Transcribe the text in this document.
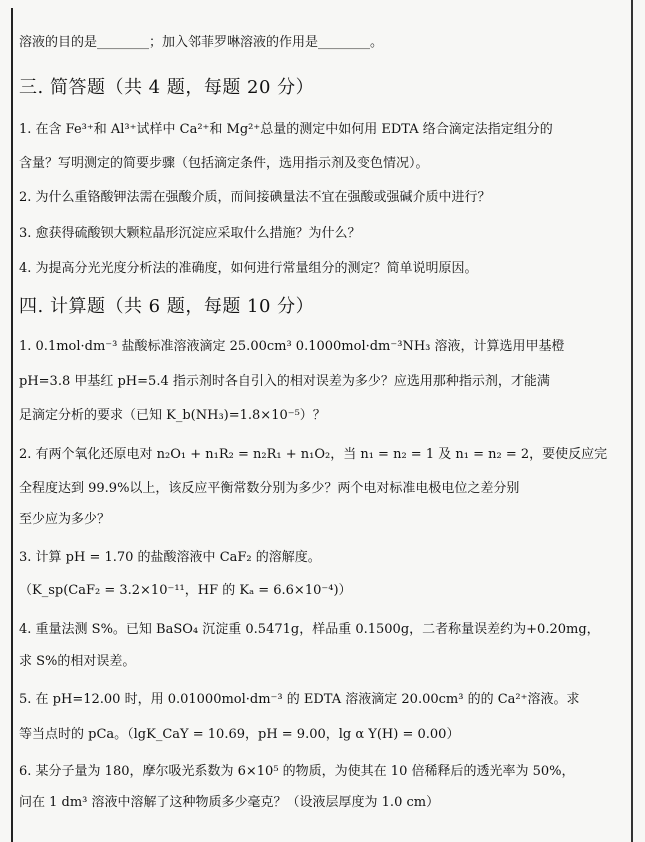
溶液的目的是________；加入邻菲罗啉溶液的作用是________。
三. 简答题（共 4 题，每题 20 分）
1. 在含 Fe³⁺和 Al³⁺试样中 Ca²⁺和 Mg²⁺总量的测定中如何用 EDTA 络合滴定法指定组分的
含量？写明测定的简要步骤（包括滴定条件，选用指示剂及变色情况）。
2. 为什么重铬酸钾法需在强酸介质，而间接碘量法不宜在强酸或强碱介质中进行？
3. 愈获得硫酸钡大颗粒晶形沉淀应采取什么措施？为什么？
4. 为提高分光光度分析法的准确度，如何进行常量组分的测定？简单说明原因。
四. 计算题（共 6 题，每题 10 分）
1. 0.1mol·dm⁻³ 盐酸标准溶液滴定 25.00cm³ 0.1000mol·dm⁻³NH₃ 溶液，计算选用甲基橙
pH=3.8 甲基红 pH=5.4 指示剂时各自引入的相对误差为多少？应选用那种指示剂，才能满
足滴定分析的要求（已知 K_b(NH₃)=1.8×10⁻⁵）？
2. 有两个氧化还原电对 n₂O₁ + n₁R₂ = n₂R₁ + n₁O₂，当 n₁ = n₂ = 1 及 n₁ = n₂ = 2，要使反应完
全程度达到 99.9%以上，该反应平衡常数分别为多少？两个电对标准电极电位之差分别
至少应为多少？
3. 计算 pH = 1.70 的盐酸溶液中 CaF₂ 的溶解度。
（K_sp(CaF₂ = 3.2×10⁻¹¹，HF 的 Kₐ = 6.6×10⁻⁴)）
4. 重量法测 S%。已知 BaSO₄ 沉淀重 0.5471g，样品重 0.1500g，二者称量误差约为+0.20mg，
求 S%的相对误差。
5. 在 pH=12.00 时，用 0.01000mol·dm⁻³ 的 EDTA 溶液滴定 20.00cm³ 的的 Ca²⁺溶液。求
等当点时的 pCa。（lgK_CaY = 10.69，pH = 9.00，lg α Y(H) = 0.00）
6. 某分子量为 180，摩尔吸光系数为 6×10⁵ 的物质，为使其在 10 倍稀释后的透光率为 50%，
问在 1 dm³ 溶液中溶解了这种物质多少毫克？（设液层厚度为 1.0 cm）
